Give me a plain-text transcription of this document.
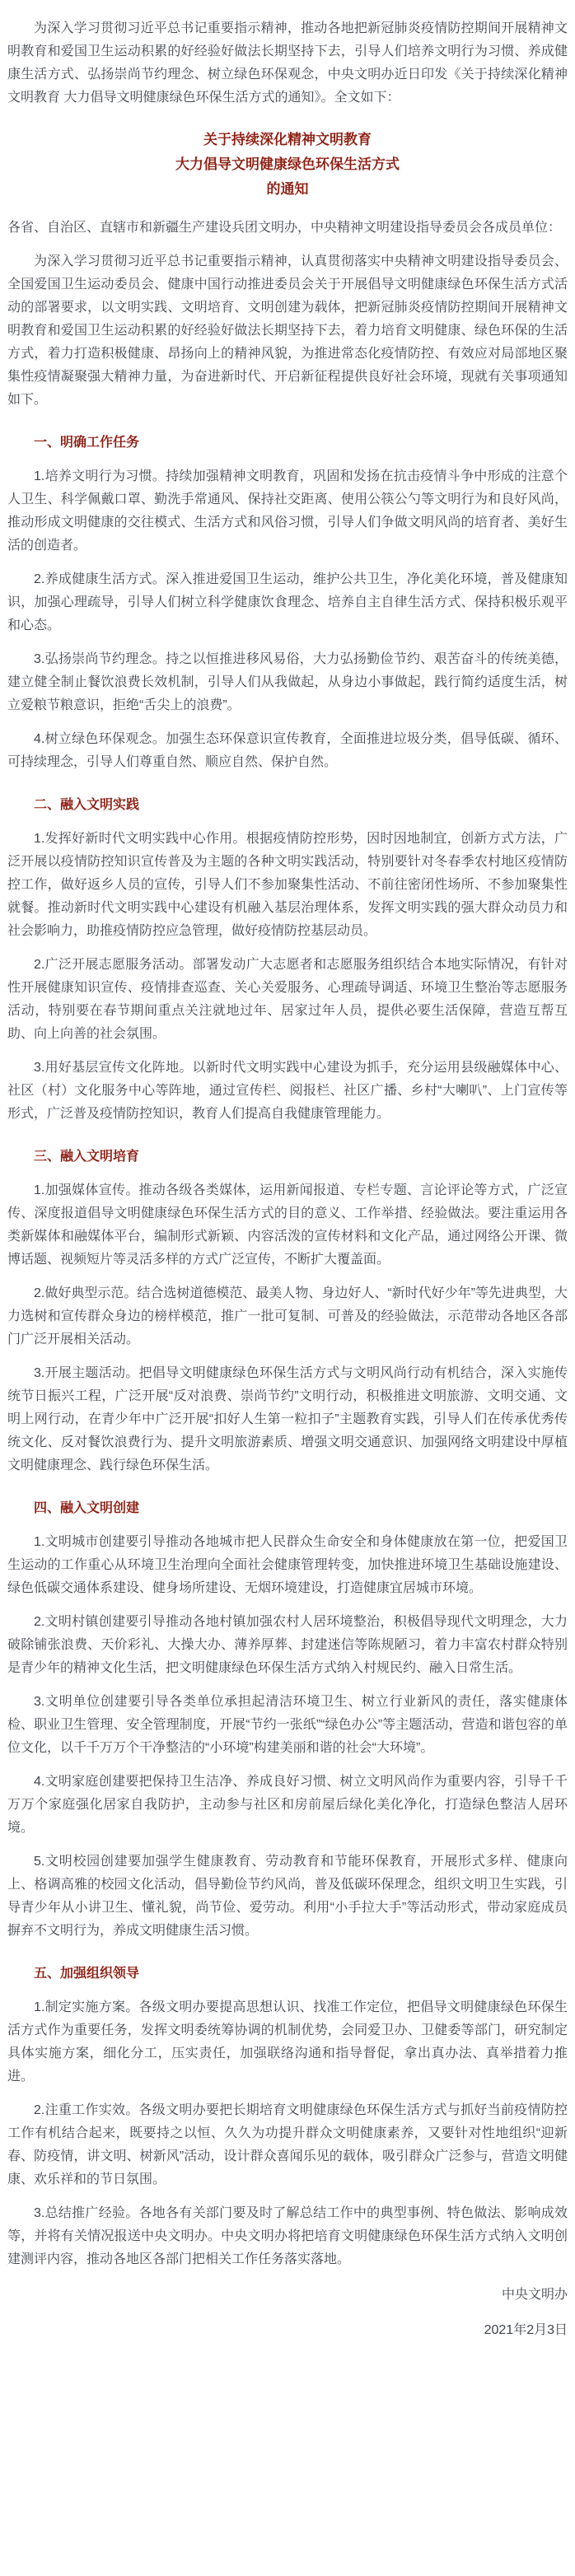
为深入学习贯彻习近平总书记重要指示精神，推动各地把新冠肺炎疫情防控期间开展精神文明教育和爱国卫生运动积累的好经验好做法长期坚持下去，引导人们培养文明行为习惯、养成健康生活方式、弘扬崇尚节约理念、树立绿色环保观念，中央文明办近日印发《关于持续深化精神文明教育 大力倡导文明健康绿色环保生活方式的通知》。全文如下：

关于持续深化精神文明教育
大力倡导文明健康绿色环保生活方式
的通知

各省、自治区、直辖市和新疆生产建设兵团文明办，中央精神文明建设指导委员会各成员单位：

为深入学习贯彻习近平总书记重要指示精神，认真贯彻落实中央精神文明建设指导委员会、全国爱国卫生运动委员会、健康中国行动推进委员会关于开展倡导文明健康绿色环保生活方式活动的部署要求，以文明实践、文明培育、文明创建为载体，把新冠肺炎疫情防控期间开展精神文明教育和爱国卫生运动积累的好经验好做法长期坚持下去，着力培育文明健康、绿色环保的生活方式，着力打造积极健康、昂扬向上的精神风貌，为推进常态化疫情防控、有效应对局部地区聚集性疫情凝聚强大精神力量，为奋进新时代、开启新征程提供良好社会环境，现就有关事项通知如下。

一、明确工作任务

1.培养文明行为习惯。持续加强精神文明教育，巩固和发扬在抗击疫情斗争中形成的注意个人卫生、科学佩戴口罩、勤洗手常通风、保持社交距离、使用公筷公勺等文明行为和良好风尚，推动形成文明健康的交往模式、生活方式和风俗习惯，引导人们争做文明风尚的培育者、美好生活的创造者。

2.养成健康生活方式。深入推进爱国卫生运动，维护公共卫生，净化美化环境，普及健康知识，加强心理疏导，引导人们树立科学健康饮食理念、培养自主自律生活方式、保持积极乐观平和心态。

3.弘扬崇尚节约理念。持之以恒推进移风易俗，大力弘扬勤俭节约、艰苦奋斗的传统美德，建立健全制止餐饮浪费长效机制，引导人们从我做起，从身边小事做起，践行简约适度生活，树立爱粮节粮意识，拒绝“舌尖上的浪费”。

4.树立绿色环保观念。加强生态环保意识宣传教育，全面推进垃圾分类，倡导低碳、循环、可持续理念，引导人们尊重自然、顺应自然、保护自然。

二、融入文明实践

1.发挥好新时代文明实践中心作用。根据疫情防控形势，因时因地制宜，创新方式方法，广泛开展以疫情防控知识宣传普及为主题的各种文明实践活动，特别要针对冬春季农村地区疫情防控工作，做好返乡人员的宣传，引导人们不参加聚集性活动、不前往密闭性场所、不参加聚集性就餐。推动新时代文明实践中心建设有机融入基层治理体系，发挥文明实践的强大群众动员力和社会影响力，助推疫情防控应急管理，做好疫情防控基层动员。

2.广泛开展志愿服务活动。部署发动广大志愿者和志愿服务组织结合本地实际情况，有针对性开展健康知识宣传、疫情排查巡查、关心关爱服务、心理疏导调适、环境卫生整治等志愿服务活动，特别要在春节期间重点关注就地过年、居家过年人员，提供必要生活保障，营造互帮互助、向上向善的社会氛围。

3.用好基层宣传文化阵地。以新时代文明实践中心建设为抓手，充分运用县级融媒体中心、社区（村）文化服务中心等阵地，通过宣传栏、阅报栏、社区广播、乡村“大喇叭”、上门宣传等形式，广泛普及疫情防控知识，教育人们提高自我健康管理能力。

三、融入文明培育

1.加强媒体宣传。推动各级各类媒体，运用新闻报道、专栏专题、言论评论等方式，广泛宣传、深度报道倡导文明健康绿色环保生活方式的目的意义、工作举措、经验做法。要注重运用各类新媒体和融媒体平台，编制形式新颖、内容活泼的宣传材料和文化产品，通过网络公开课、微博话题、视频短片等灵活多样的方式广泛宣传，不断扩大覆盖面。

2.做好典型示范。结合选树道德模范、最美人物、身边好人、“新时代好少年”等先进典型，大力选树和宣传群众身边的榜样模范，推广一批可复制、可普及的经验做法，示范带动各地区各部门广泛开展相关活动。

3.开展主题活动。把倡导文明健康绿色环保生活方式与文明风尚行动有机结合，深入实施传统节日振兴工程，广泛开展“反对浪费、崇尚节约”文明行动，积极推进文明旅游、文明交通、文明上网行动，在青少年中广泛开展“扣好人生第一粒扣子”主题教育实践，引导人们在传承优秀传统文化、反对餐饮浪费行为、提升文明旅游素质、增强文明交通意识、加强网络文明建设中厚植文明健康理念、践行绿色环保生活。

四、融入文明创建

1.文明城市创建要引导推动各地城市把人民群众生命安全和身体健康放在第一位，把爱国卫生运动的工作重心从环境卫生治理向全面社会健康管理转变，加快推进环境卫生基础设施建设、绿色低碳交通体系建设、健身场所建设、无烟环境建设，打造健康宜居城市环境。

2.文明村镇创建要引导推动各地村镇加强农村人居环境整治，积极倡导现代文明理念，大力破除铺张浪费、天价彩礼、大操大办、薄养厚葬、封建迷信等陈规陋习，着力丰富农村群众特别是青少年的精神文化生活，把文明健康绿色环保生活方式纳入村规民约、融入日常生活。

3.文明单位创建要引导各类单位承担起清洁环境卫生、树立行业新风的责任，落实健康体检、职业卫生管理、安全管理制度，开展“节约一张纸”“绿色办公”等主题活动，营造和谐包容的单位文化，以千千万万个干净整洁的“小环境”构建美丽和谐的社会“大环境”。

4.文明家庭创建要把保持卫生洁净、养成良好习惯、树立文明风尚作为重要内容，引导千千万万个家庭强化居家自我防护，主动参与社区和房前屋后绿化美化净化，打造绿色整洁人居环境。

5.文明校园创建要加强学生健康教育、劳动教育和节能环保教育，开展形式多样、健康向上、格调高雅的校园文化活动，倡导勤俭节约风尚，普及低碳环保理念，组织文明卫生实践，引导青少年从小讲卫生、懂礼貌，尚节俭、爱劳动。利用“小手拉大手”等活动形式，带动家庭成员摒弃不文明行为，养成文明健康生活习惯。

五、加强组织领导

1.制定实施方案。各级文明办要提高思想认识、找准工作定位，把倡导文明健康绿色环保生活方式作为重要任务，发挥文明委统筹协调的机制优势，会同爱卫办、卫健委等部门，研究制定具体实施方案，细化分工，压实责任，加强联络沟通和指导督促，拿出真办法、真举措着力推进。

2.注重工作实效。各级文明办要把长期培育文明健康绿色环保生活方式与抓好当前疫情防控工作有机结合起来，既要持之以恒、久久为功提升群众文明健康素养，又要针对性地组织“迎新春、防疫情，讲文明、树新风”活动，设计群众喜闻乐见的载体，吸引群众广泛参与，营造文明健康、欢乐祥和的节日氛围。

3.总结推广经验。各地各有关部门要及时了解总结工作中的典型事例、特色做法、影响成效等，并将有关情况报送中央文明办。中央文明办将把培育文明健康绿色环保生活方式纳入文明创建测评内容，推动各地区各部门把相关工作任务落实落地。

中央文明办

2021年2月3日
